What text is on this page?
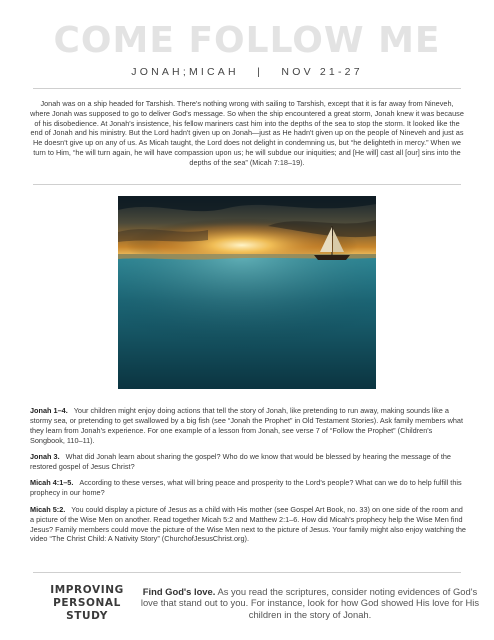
COME FOLLOW ME
JONAH;MICAH   |   NOV 21-27

Jonah was on a ship headed for Tarshish. There's nothing wrong with sailing to Tarshish, except that it is far away from Nineveh, where Jonah was supposed to go to deliver God's message. So when the ship encountered a great storm, Jonah knew it was because of his disobedience. At Jonah's insistence, his fellow mariners cast him into the depths of the sea to stop the storm. It looked like the end of Jonah and his ministry. But the Lord hadn't given up on Jonah—just as He hadn't given up on the people of Nineveh and just as He doesn't give up on any of us. As Micah taught, the Lord does not delight in condemning us, but “he delighteth in mercy.” When we turn to Him, “he will turn again, he will have compassion upon us; he will subdue our iniquities; and [He will] cast all [our] sins into the depths of the sea” (Micah 7:18–19).

Jonah 1–4. Your children might enjoy doing actions that tell the story of Jonah, like pretending to run away, making sounds like a stormy sea, or pretending to get swallowed by a big fish (see “Jonah the Prophet” in Old Testament Stories). Ask family members what they learn from Jonah's experience. For one example of a lesson from Jonah, see verse 7 of “Follow the Prophet” (Children's Songbook, 110–11).

Jonah 3. What did Jonah learn about sharing the gospel? Who do we know that would be blessed by hearing the message of the restored gospel of Jesus Christ?

Micah 4:1–5. According to these verses, what will bring peace and prosperity to the Lord's people? What can we do to help fulfill this prophecy in our home?

Micah 5:2. You could display a picture of Jesus as a child with His mother (see Gospel Art Book, no. 33) on one side of the room and a picture of the Wise Men on another. Read together Micah 5:2 and Matthew 2:1–6. How did Micah's prophecy help the Wise Men find Jesus? Family members could move the picture of the Wise Men next to the picture of Jesus. Your family might also enjoy watching the video “The Christ Child: A Nativity Story” (ChurchofJesusChrist.org).

IMPROVING
PERSONAL
STUDY

Find God's love. As you read the scriptures, consider noting evidences of God's love that stand out to you. For instance, look for how God showed His love for His children in the story of Jonah.
